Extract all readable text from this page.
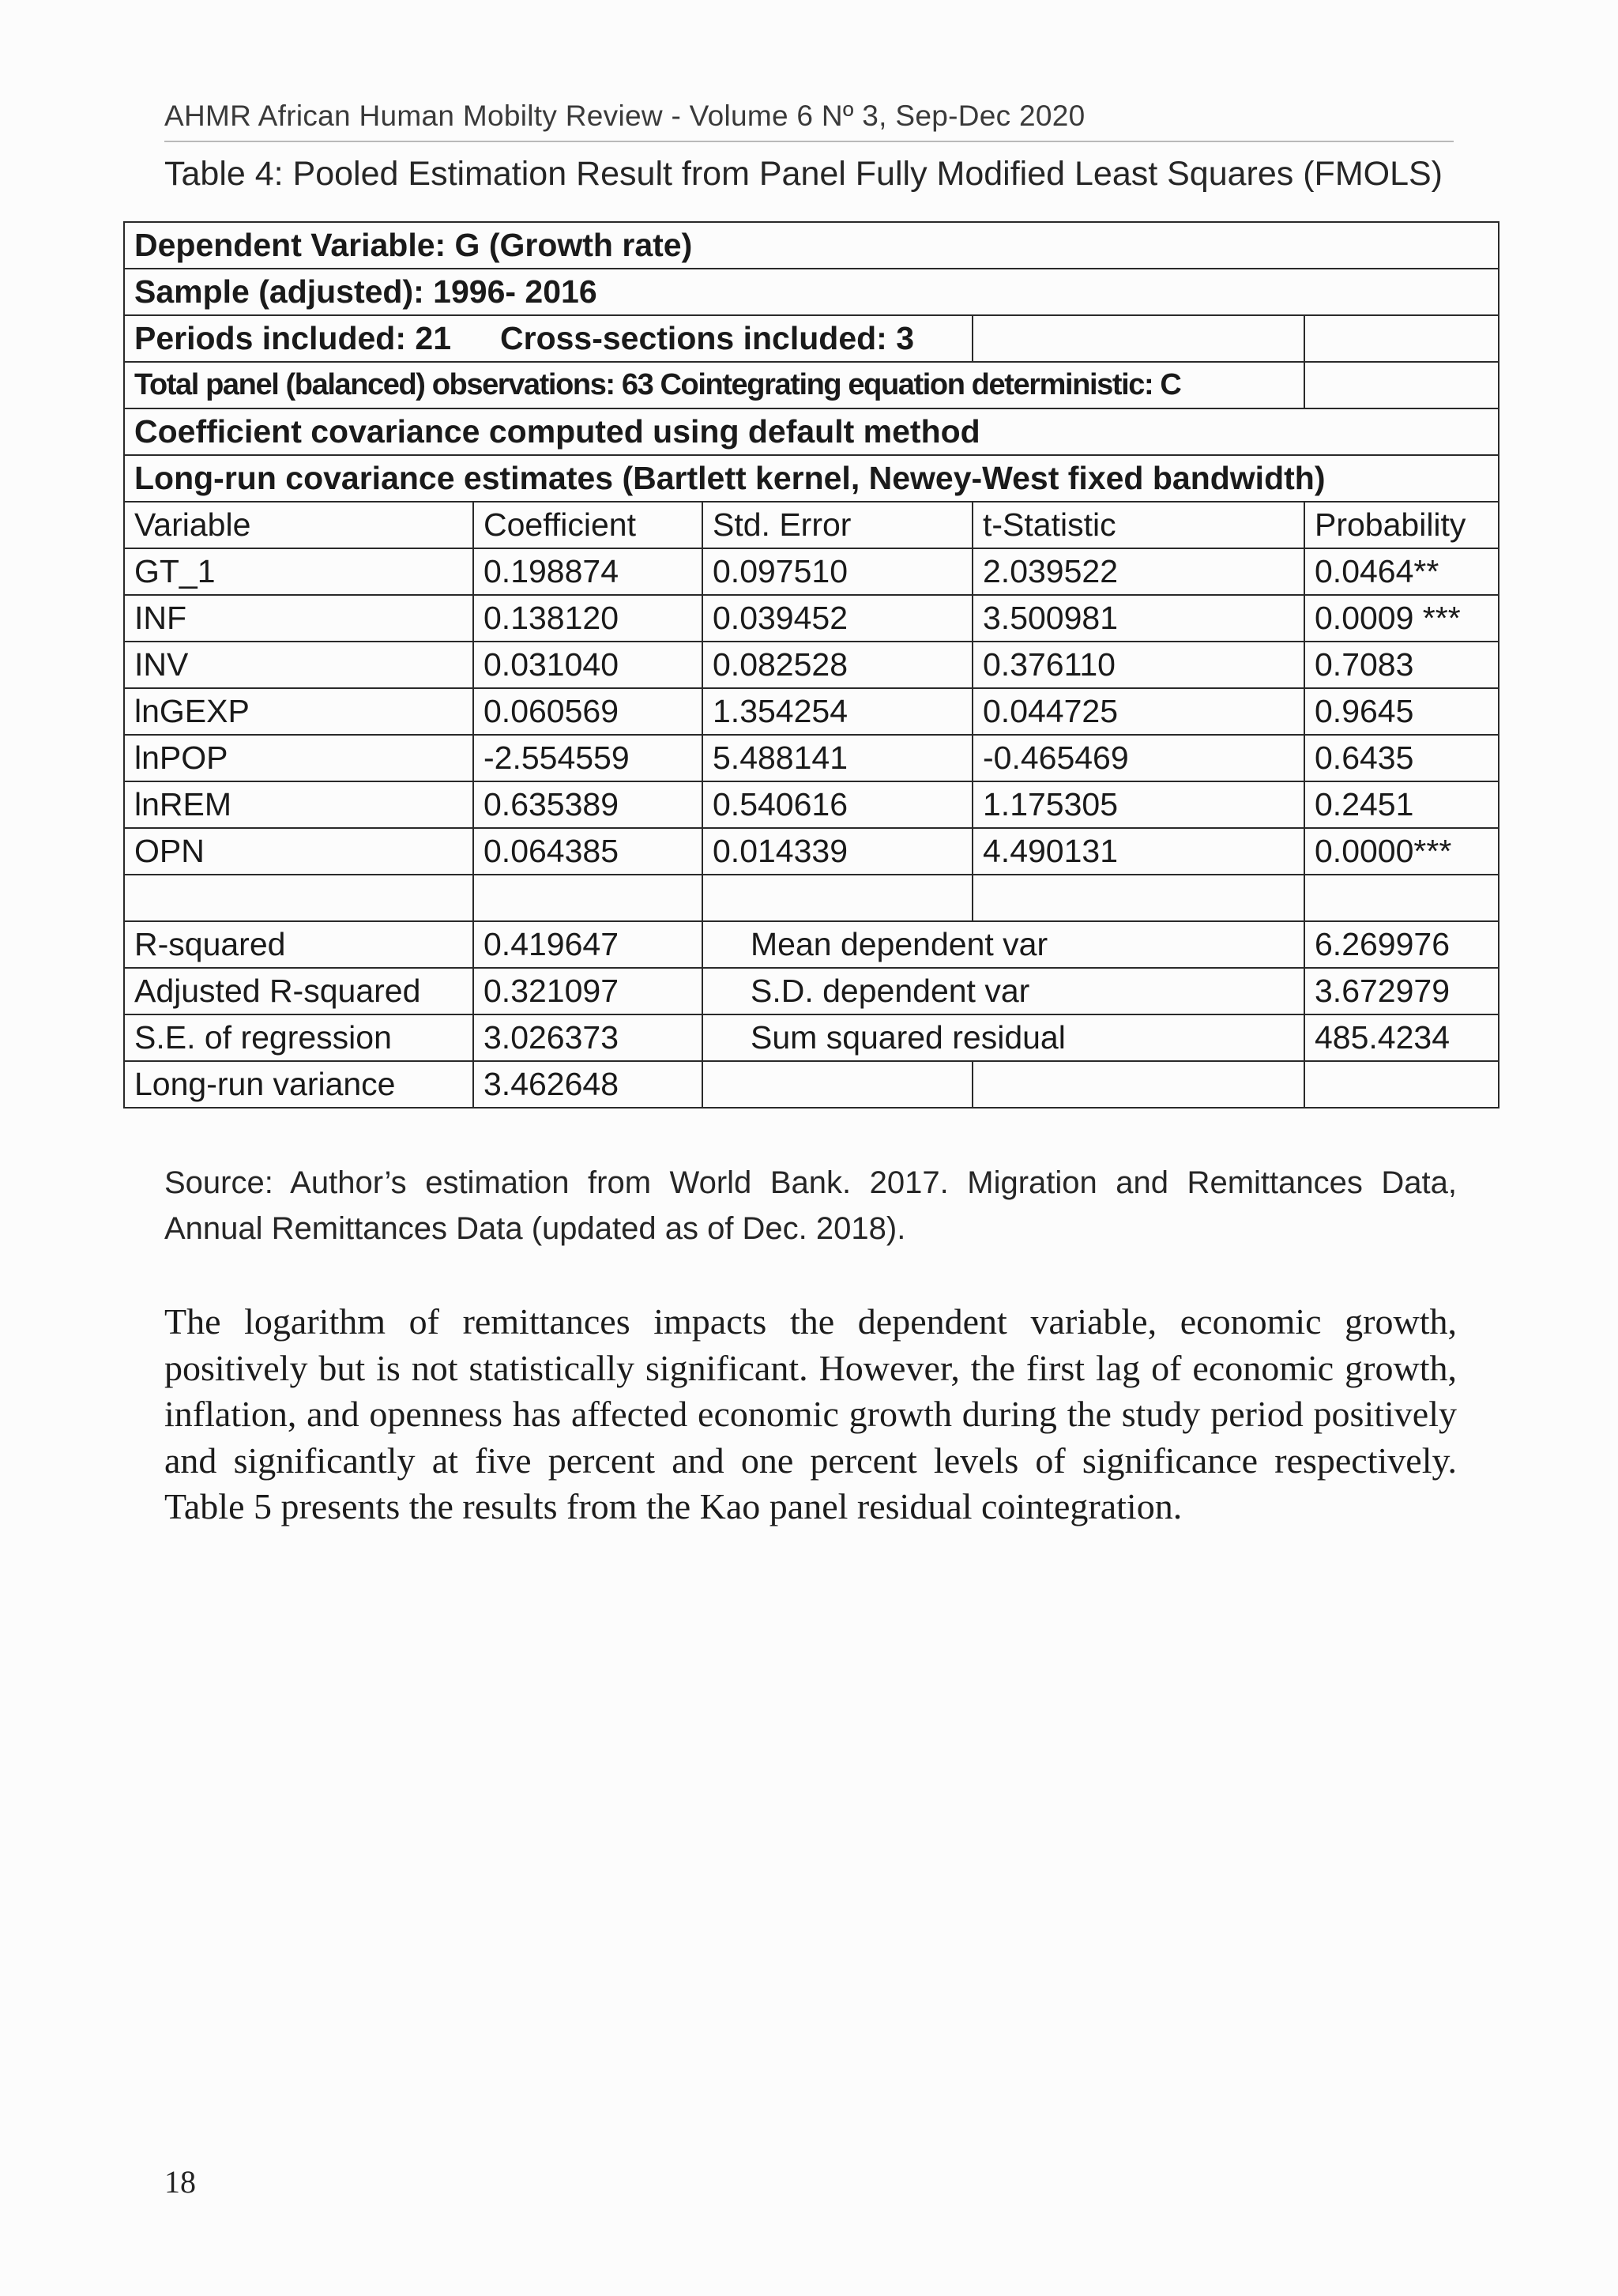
AHMR African Human Mobilty Review - Volume 6 Nº 3, Sep-Dec 2020
Table 4: Pooled Estimation Result from Panel Fully Modified Least Squares (FMOLS)
Dependent Variable: G (Growth rate)				
Sample (adjusted): 1996- 2016				
Periods included: 21 Cross-sections included: 3				
Total panel (balanced) observations: 63 Cointegrating equation deterministic: C				
Coefficient covariance computed using default method				
Long-run covariance estimates (Bartlett kernel, Newey-West fixed bandwidth)				
Variable	Coefficient	Std. Error	t-Statistic	Probability
GT_1	0.198874	0.097510	2.039522	0.0464**
INF	0.138120	0.039452	3.500981	0.0009 ***
INV	0.031040	0.082528	0.376110	0.7083
lnGEXP	0.060569	1.354254	0.044725	0.9645
lnPOP	-2.554559	5.488141	-0.465469	0.6435
lnREM	0.635389	0.540616	1.175305	0.2451
OPN	0.064385	0.014339	4.490131	0.0000***

R-squared	0.419647	Mean dependent var		6.269976
Adjusted R-squared	0.321097	S.D. dependent var		3.672979
S.E. of regression	3.026373	Sum squared residual		485.4234
Long-run variance	3.462648			
Source: Author’s estimation from World Bank. 2017. Migration and Remittances Data, Annual Remittances Data (updated as of Dec. 2018).
The logarithm of remittances impacts the dependent variable, economic growth, positively but is not statistically significant. However, the first lag of economic growth, inflation, and openness has affected economic growth during the study period positively and significantly at five percent and one percent levels of significance respectively. Table 5 presents the results from the Kao panel residual cointegration.
18
